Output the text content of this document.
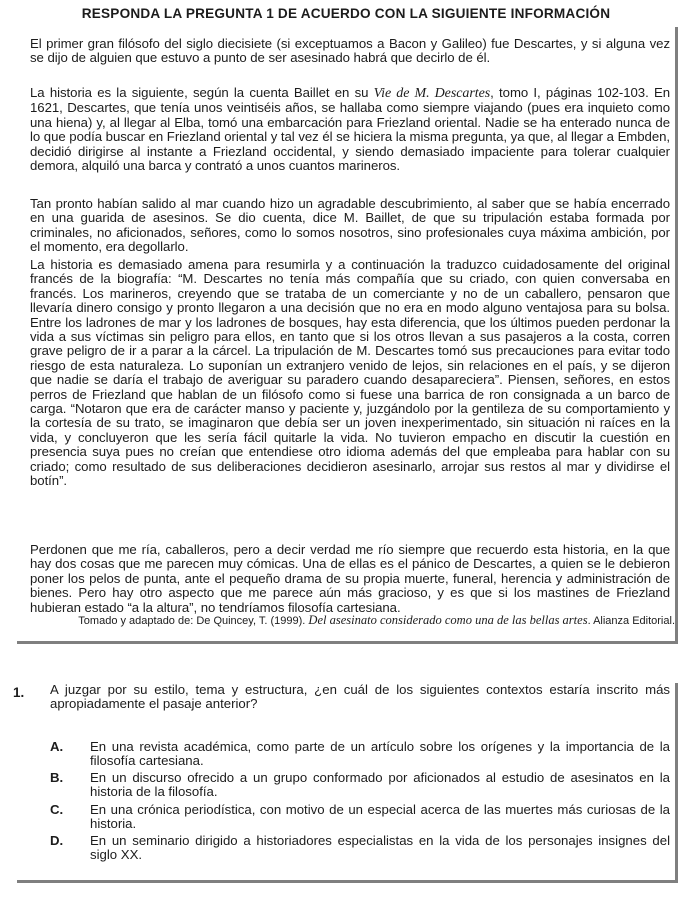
RESPONDA LA PREGUNTA 1 DE ACUERDO CON LA SIGUIENTE INFORMACIÓN

El primer gran filósofo del siglo diecisiete (si exceptuamos a Bacon y Galileo) fue Descartes, y si alguna vez se dijo de alguien que estuvo a punto de ser asesinado habrá que decirlo de él.

La historia es la siguiente, según la cuenta Baillet en su Vie de M. Descartes, tomo I, páginas 102-103. En 1621, Descartes, que tenía unos veintiséis años, se hallaba como siempre viajando (pues era inquieto como una hiena) y, al llegar al Elba, tomó una embarcación para Friezland oriental. Nadie se ha enterado nunca de lo que podía buscar en Friezland oriental y tal vez él se hiciera la misma pregunta, ya que, al llegar a Embden, decidió dirigirse al instante a Friezland occidental, y siendo demasiado impaciente para tolerar cualquier demora, alquiló una barca y contrató a unos cuantos marineros.

Tan pronto habían salido al mar cuando hizo un agradable descubrimiento, al saber que se había encerrado en una guarida de asesinos. Se dio cuenta, dice M. Baillet, de que su tripulación estaba formada por criminales, no aficionados, señores, como lo somos nosotros, sino profesionales cuya máxima ambición, por el momento, era degollarlo.

La historia es demasiado amena para resumirla y a continuación la traduzco cuidadosamente del original francés de la biografía: “M. Descartes no tenía más compañía que su criado, con quien conversaba en francés. Los marineros, creyendo que se trataba de un comerciante y no de un caballero, pensaron que llevaría dinero consigo y pronto llegaron a una decisión que no era en modo alguno ventajosa para su bolsa. Entre los ladrones de mar y los ladrones de bosques, hay esta diferencia, que los últimos pueden perdonar la vida a sus víctimas sin peligro para ellos, en tanto que si los otros llevan a sus pasajeros a la costa, corren grave peligro de ir a parar a la cárcel. La tripulación de M. Descartes tomó sus precauciones para evitar todo riesgo de esta naturaleza. Lo suponían un extranjero venido de lejos, sin relaciones en el país, y se dijeron que nadie se daría el trabajo de averiguar su paradero cuando desapareciera”. Piensen, señores, en estos perros de Friezland que hablan de un filósofo como si fuese una barrica de ron consignada a un barco de carga. “Notaron que era de carácter manso y paciente y, juzgándolo por la gentileza de su comportamiento y la cortesía de su trato, se imaginaron que debía ser un joven inexperimentado, sin situación ni raíces en la vida, y concluyeron que les sería fácil quitarle la vida. No tuvieron empacho en discutir la cuestión en presencia suya pues no creían que entendiese otro idioma además del que empleaba para hablar con su criado; como resultado de sus deliberaciones decidieron asesinarlo, arrojar sus restos al mar y dividirse el botín”.

Perdonen que me ría, caballeros, pero a decir verdad me río siempre que recuerdo esta historia, en la que hay dos cosas que me parecen muy cómicas. Una de ellas es el pánico de Descartes, a quien se le debieron poner los pelos de punta, ante el pequeño drama de su propia muerte, funeral, herencia y administración de bienes. Pero hay otro aspecto que me parece aún más gracioso, y es que si los mastines de Friezland hubieran estado “a la altura”, no tendríamos filosofía cartesiana.

Tomado y adaptado de: De Quincey, T. (1999). Del asesinato considerado como una de las bellas artes. Alianza Editorial.
1. A juzgar por su estilo, tema y estructura, ¿en cuál de los siguientes contextos estaría inscrito más apropiadamente el pasaje anterior?

A. En una revista académica, como parte de un artículo sobre los orígenes y la importancia de la filosofía cartesiana.

B. En un discurso ofrecido a un grupo conformado por aficionados al estudio de asesinatos en la historia de la filosofía.

C. En una crónica periodística, con motivo de un especial acerca de las muertes más curiosas de la historia.

D. En un seminario dirigido a historiadores especialistas en la vida de los personajes insignes del siglo XX.
